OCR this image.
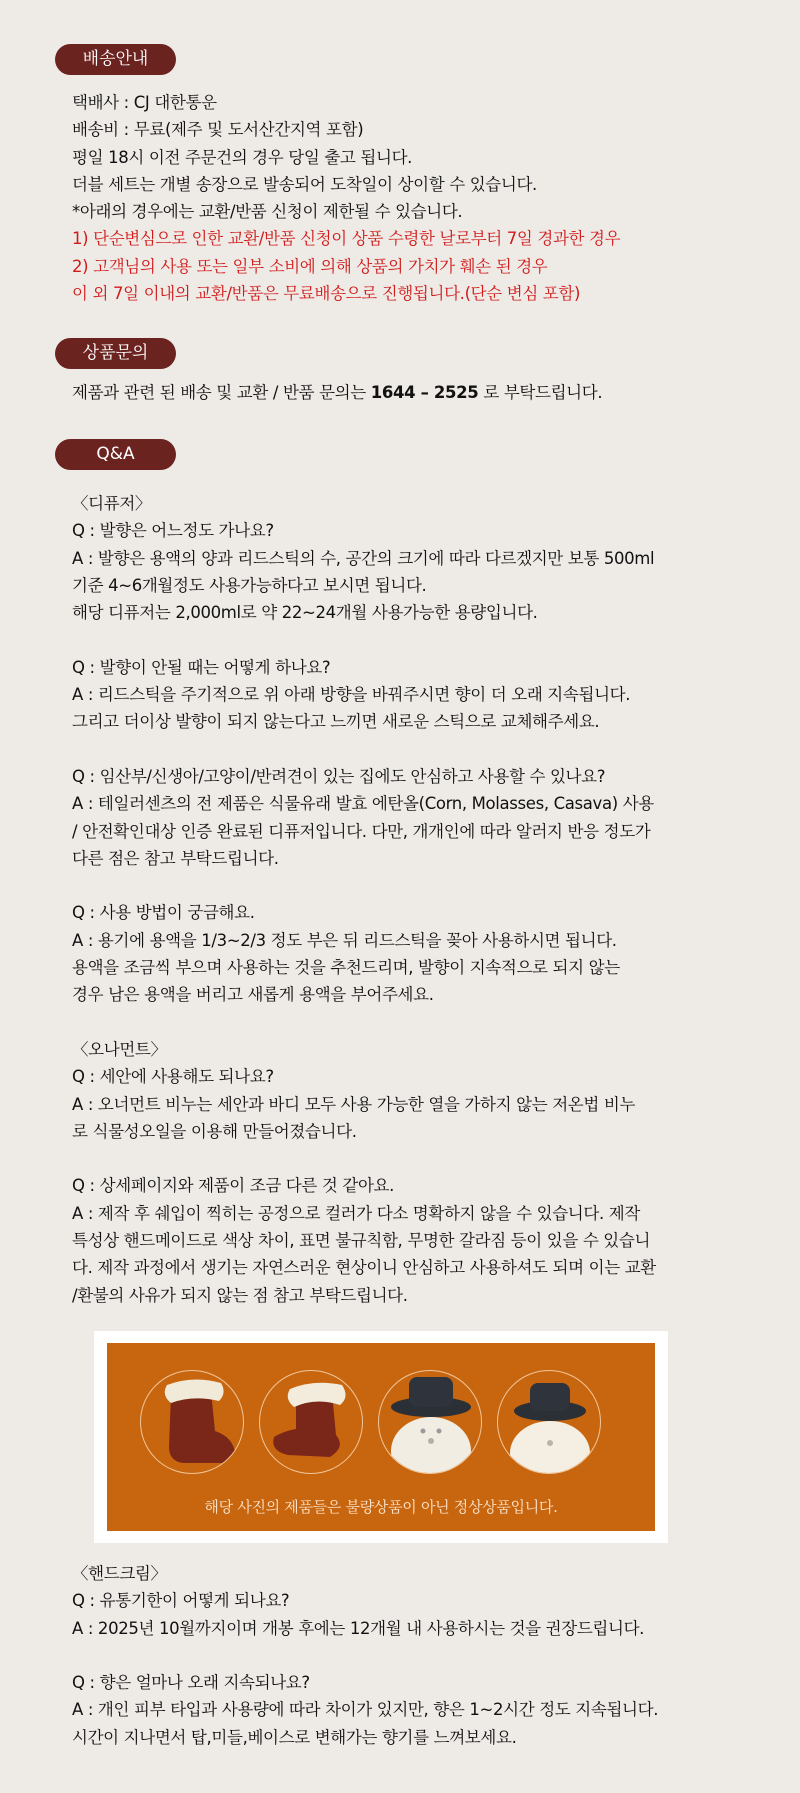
배송안내
택배사 : CJ 대한통운
배송비 : 무료(제주 및 도서산간지역 포함)
평일 18시 이전 주문건의 경우 당일 출고 됩니다.
더블 세트는 개별 송장으로 발송되어 도착일이 상이할 수 있습니다.
*아래의 경우에는 교환/반품 신청이 제한될 수 있습니다.
1) 단순변심으로 인한 교환/반품 신청이 상품 수령한 날로부터 7일 경과한 경우
2) 고객님의 사용 또는 일부 소비에 의해 상품의 가치가 훼손 된 경우
이 외 7일 이내의 교환/반품은 무료배송으로 진행됩니다.(단순 변심 포함)
상품문의
제품과 관련 된 배송 및 교환 / 반품 문의는 1644 – 2525 로 부탁드립니다.
Q&A
〈디퓨저〉
Q : 발향은 어느정도 가나요?
A : 발향은 용액의 양과 리드스틱의 수, 공간의 크기에 따라 다르겠지만 보통 500ml
기준 4~6개월정도 사용가능하다고 보시면 됩니다.
해당 디퓨저는 2,000ml로 약 22~24개월 사용가능한 용량입니다.
Q : 발향이 안될 때는 어떻게 하나요?
A : 리드스틱을 주기적으로 위 아래 방향을 바꿔주시면 향이 더 오래 지속됩니다.
그리고 더이상 발향이 되지 않는다고 느끼면 새로운 스틱으로 교체해주세요.
Q : 임산부/신생아/고양이/반려견이 있는 집에도 안심하고 사용할 수 있나요?
A : 테일러센츠의 전 제품은 식물유래 발효 에탄올(Corn, Molasses, Casava) 사용
/ 안전확인대상 인증 완료된 디퓨저입니다. 다만, 개개인에 따라 알러지 반응 정도가
다른 점은 참고 부탁드립니다.
Q : 사용 방법이 궁금해요.
A : 용기에 용액을 1/3~2/3 정도 부은 뒤 리드스틱을 꽂아 사용하시면 됩니다.
용액을 조금씩 부으며 사용하는 것을 추천드리며, 발향이 지속적으로 되지 않는
경우 남은 용액을 버리고 새롭게 용액을 부어주세요.
〈오나먼트〉
Q : 세안에 사용해도 되나요?
A : 오너먼트 비누는 세안과 바디 모두 사용 가능한 열을 가하지 않는 저온법 비누
로 식물성오일을 이용해 만들어졌습니다.
Q : 상세페이지와 제품이 조금 다른 것 같아요.
A : 제작 후 쉐입이 찍히는 공정으로 컬러가 다소 명확하지 않을 수 있습니다. 제작
특성상 핸드메이드로 색상 차이, 표면 불규칙함, 무명한 갈라짐 등이 있을 수 있습니
다. 제작 과정에서 생기는 자연스러운 현상이니 안심하고 사용하셔도 되며 이는 교환
/환불의 사유가 되지 않는 점 참고 부탁드립니다.
해당 사진의 제품들은 불량상품이 아닌 정상상품입니다.
〈핸드크림〉
Q : 유통기한이 어떻게 되나요?
A : 2025년 10월까지이며 개봉 후에는 12개월 내 사용하시는 것을 권장드립니다.
Q : 향은 얼마나 오래 지속되나요?
A : 개인 피부 타입과 사용량에 따라 차이가 있지만, 향은 1~2시간 정도 지속됩니다.
시간이 지나면서 탑,미들,베이스로 변해가는 향기를 느껴보세요.
